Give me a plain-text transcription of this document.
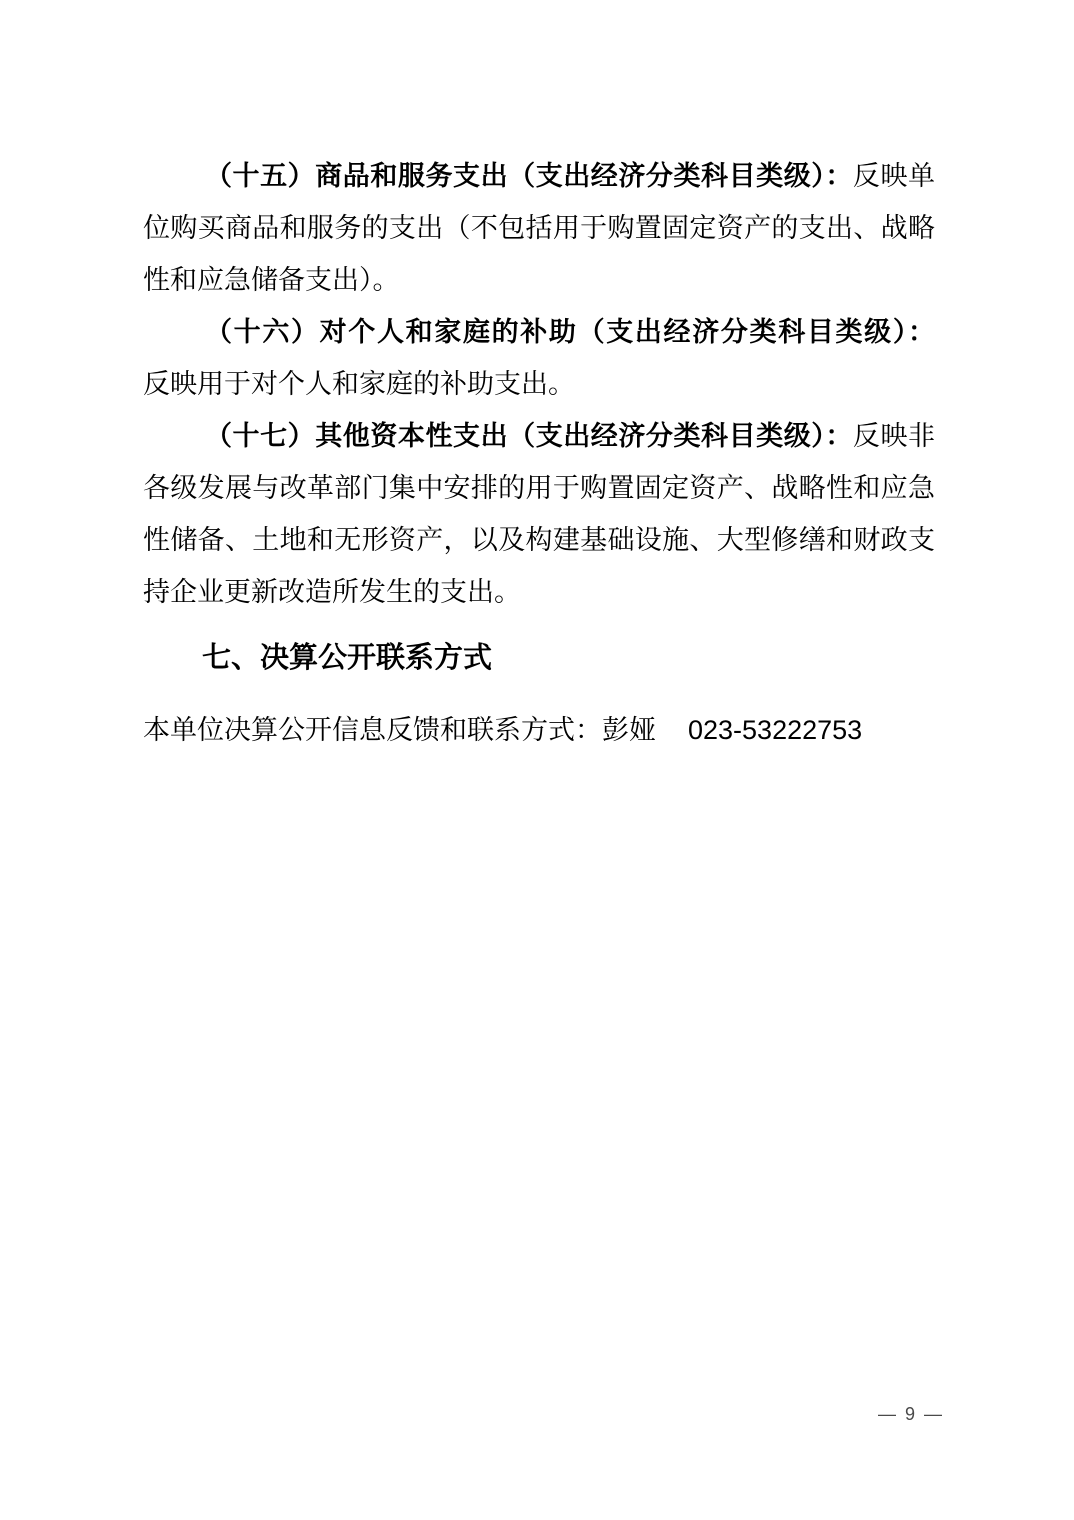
（十五）商品和服务支出（支出经济分类科目类级）：反映单位购买商品和服务的支出（不包括用于购置固定资产的支出、战略性和应急储备支出）。

（十六）对个人和家庭的补助（支出经济分类科目类级）：反映用于对个人和家庭的补助支出。

（十七）其他资本性支出（支出经济分类科目类级）：反映非各级发展与改革部门集中安排的用于购置固定资产、战略性和应急性储备、土地和无形资产，以及构建基础设施、大型修缮和财政支持企业更新改造所发生的支出。

七、决算公开联系方式

本单位决算公开信息反馈和联系方式：彭娅 023-53222753

— 9 —
